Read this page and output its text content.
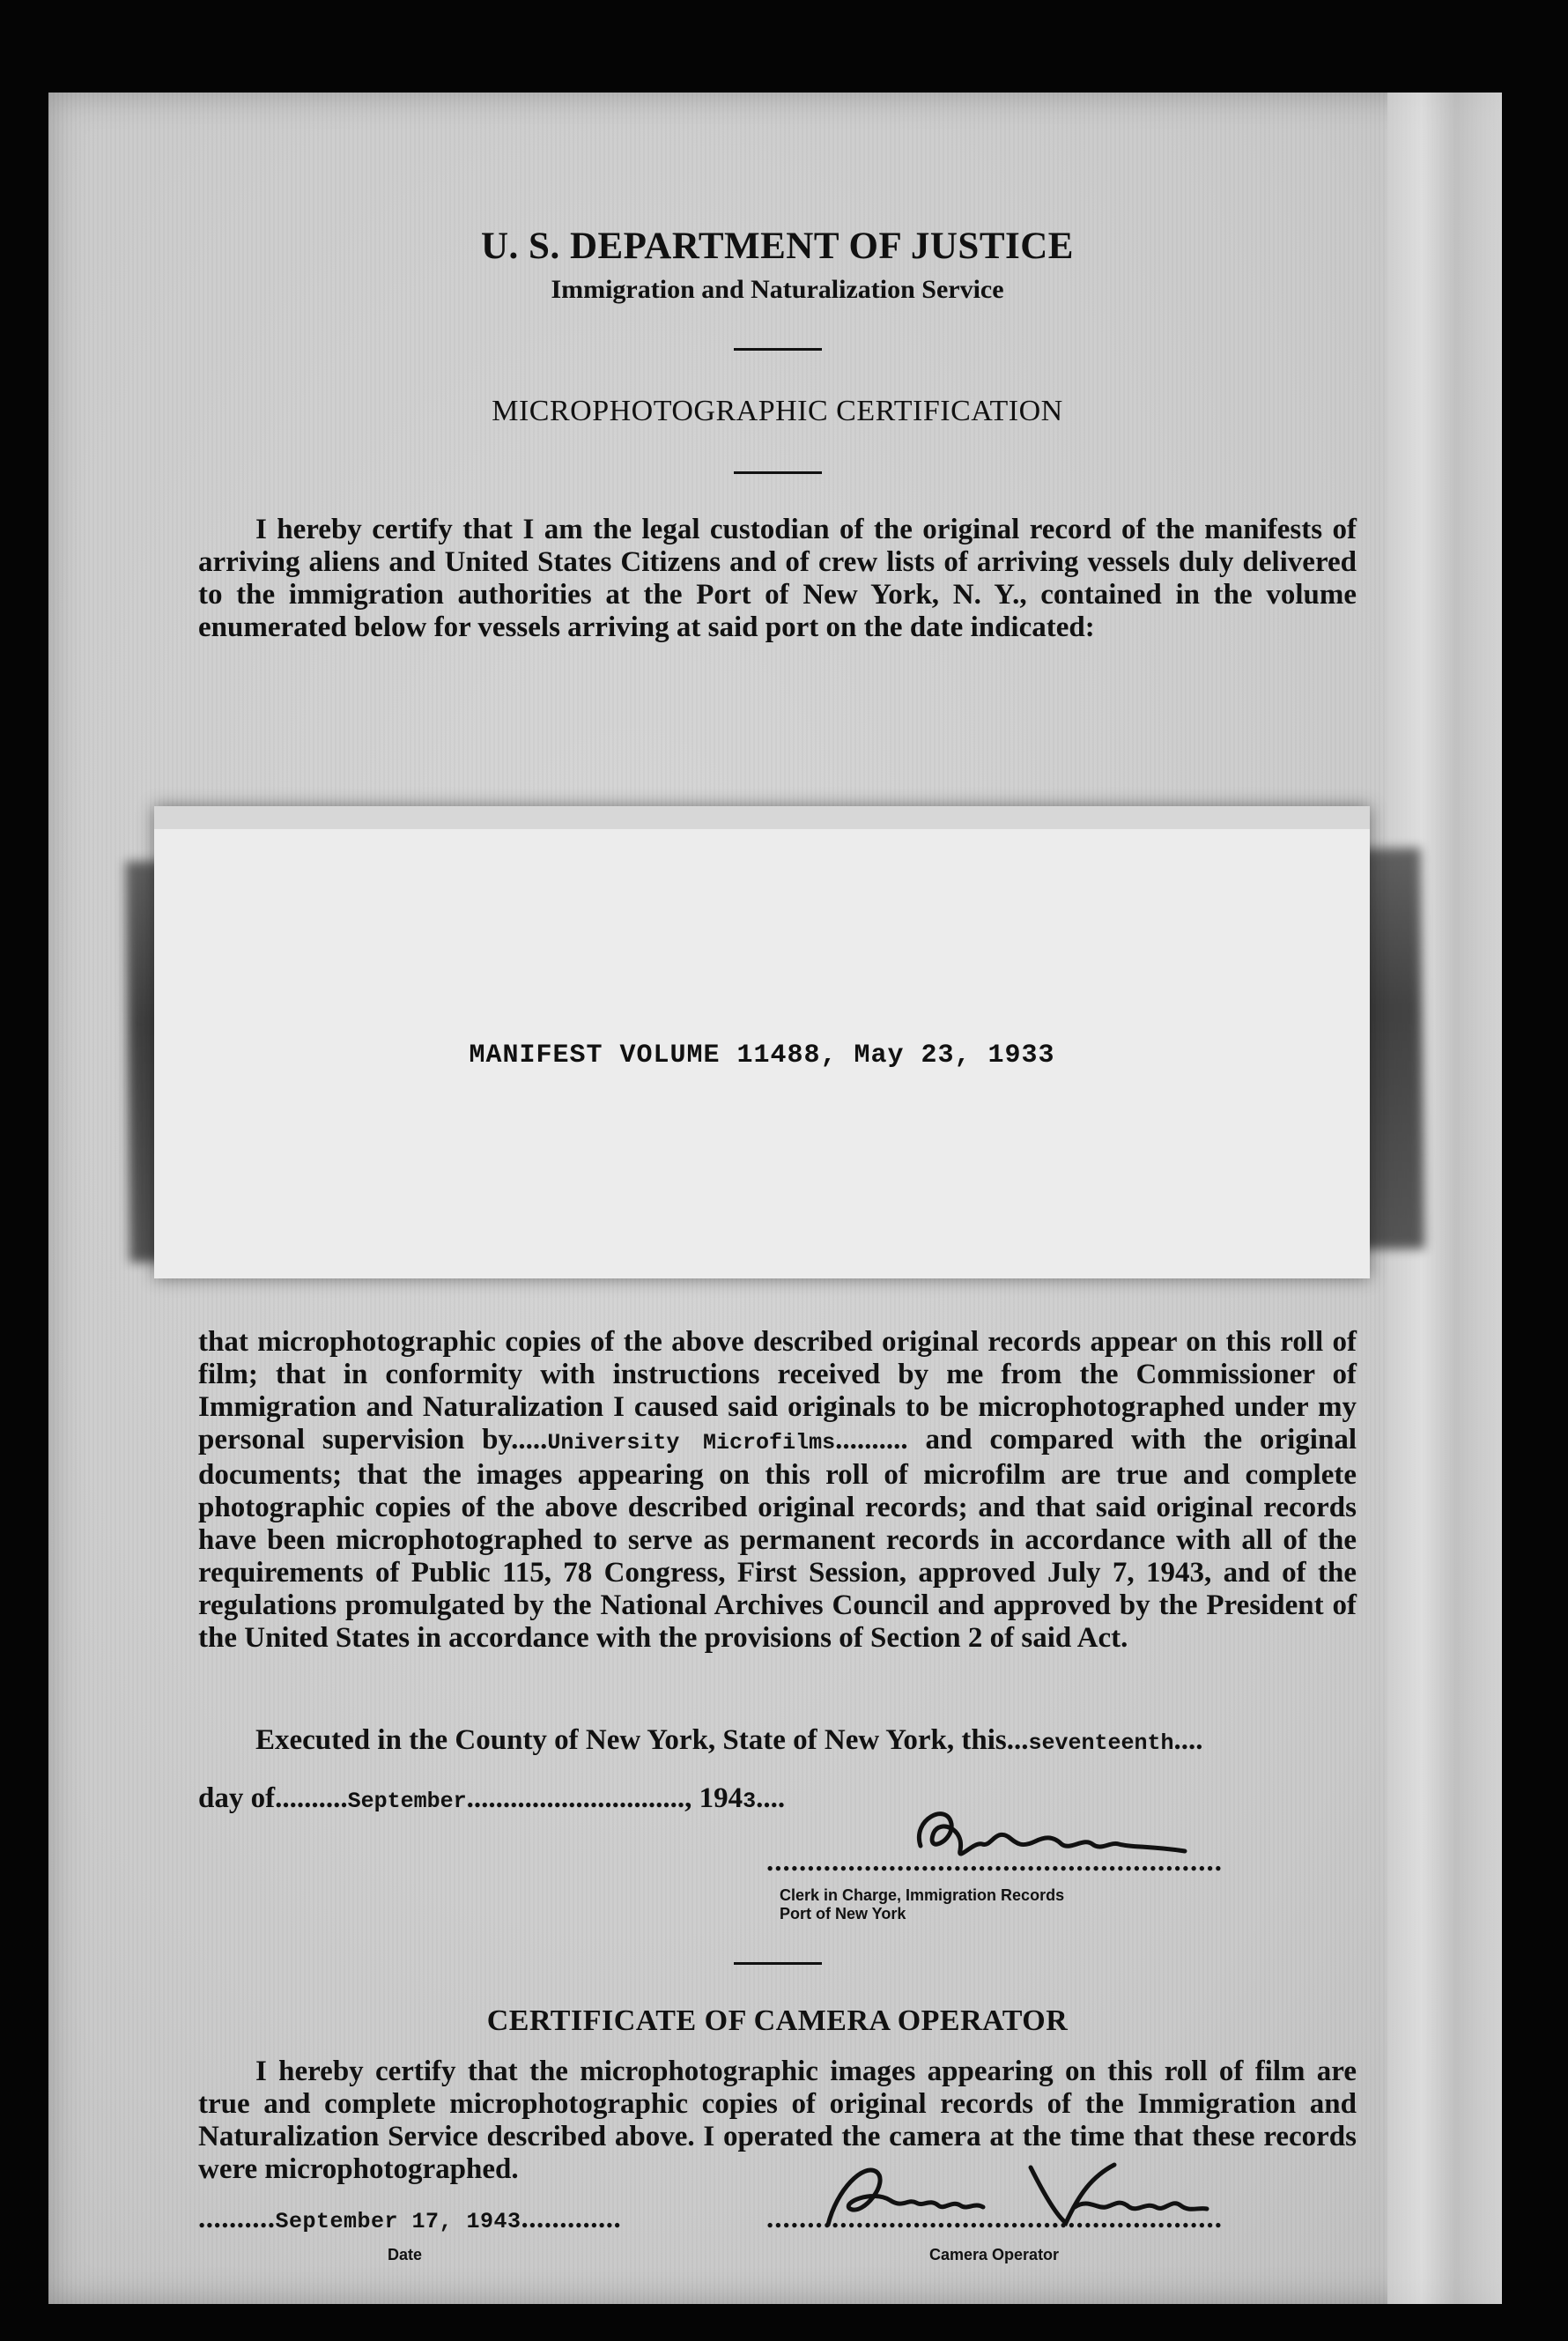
U. S. DEPARTMENT OF JUSTICE
Immigration and Naturalization Service
MICROPHOTOGRAPHIC CERTIFICATION
I hereby certify that I am the legal custodian of the original record of the manifests of arriving aliens and United States Citizens and of crew lists of arriving vessels duly delivered to the immigration authorities at the Port of New York, N. Y., contained in the volume enumerated below for vessels arriving at said port on the date indicated:
MANIFEST VOLUME 11488, May 23, 1933
that microphotographic copies of the above described original records appear on this roll of film; that in conformity with instructions received by me from the Commissioner of Immigration and Naturalization I caused said originals to be microphotographed under my personal supervision by.....University Microfilms.......... and compared with the original documents; that the images appearing on this roll of microfilm are true and complete photographic copies of the above described original records; and that said original records have been microphotographed to serve as permanent records in accordance with all of the requirements of Public 115, 78 Congress, First Session, approved July 7, 1943, and of the regulations promulgated by the National Archives Council and approved by the President of the United States in accordance with the provisions of Section 2 of said Act.
Executed in the County of New York, State of New York, this...seventeenth....
day of..........September.............................., 1943....
........................................................
Clerk in Charge, Immigration Records
Port of New York
CERTIFICATE OF CAMERA OPERATOR
I hereby certify that the microphotographic images appearing on this roll of film are true and complete microphotographic copies of original records of the Immigration and Naturalization Service described above. I operated the camera at the time that these records were microphotographed.
..........September 17, 1943.............
Date
........................................................
Camera Operator
